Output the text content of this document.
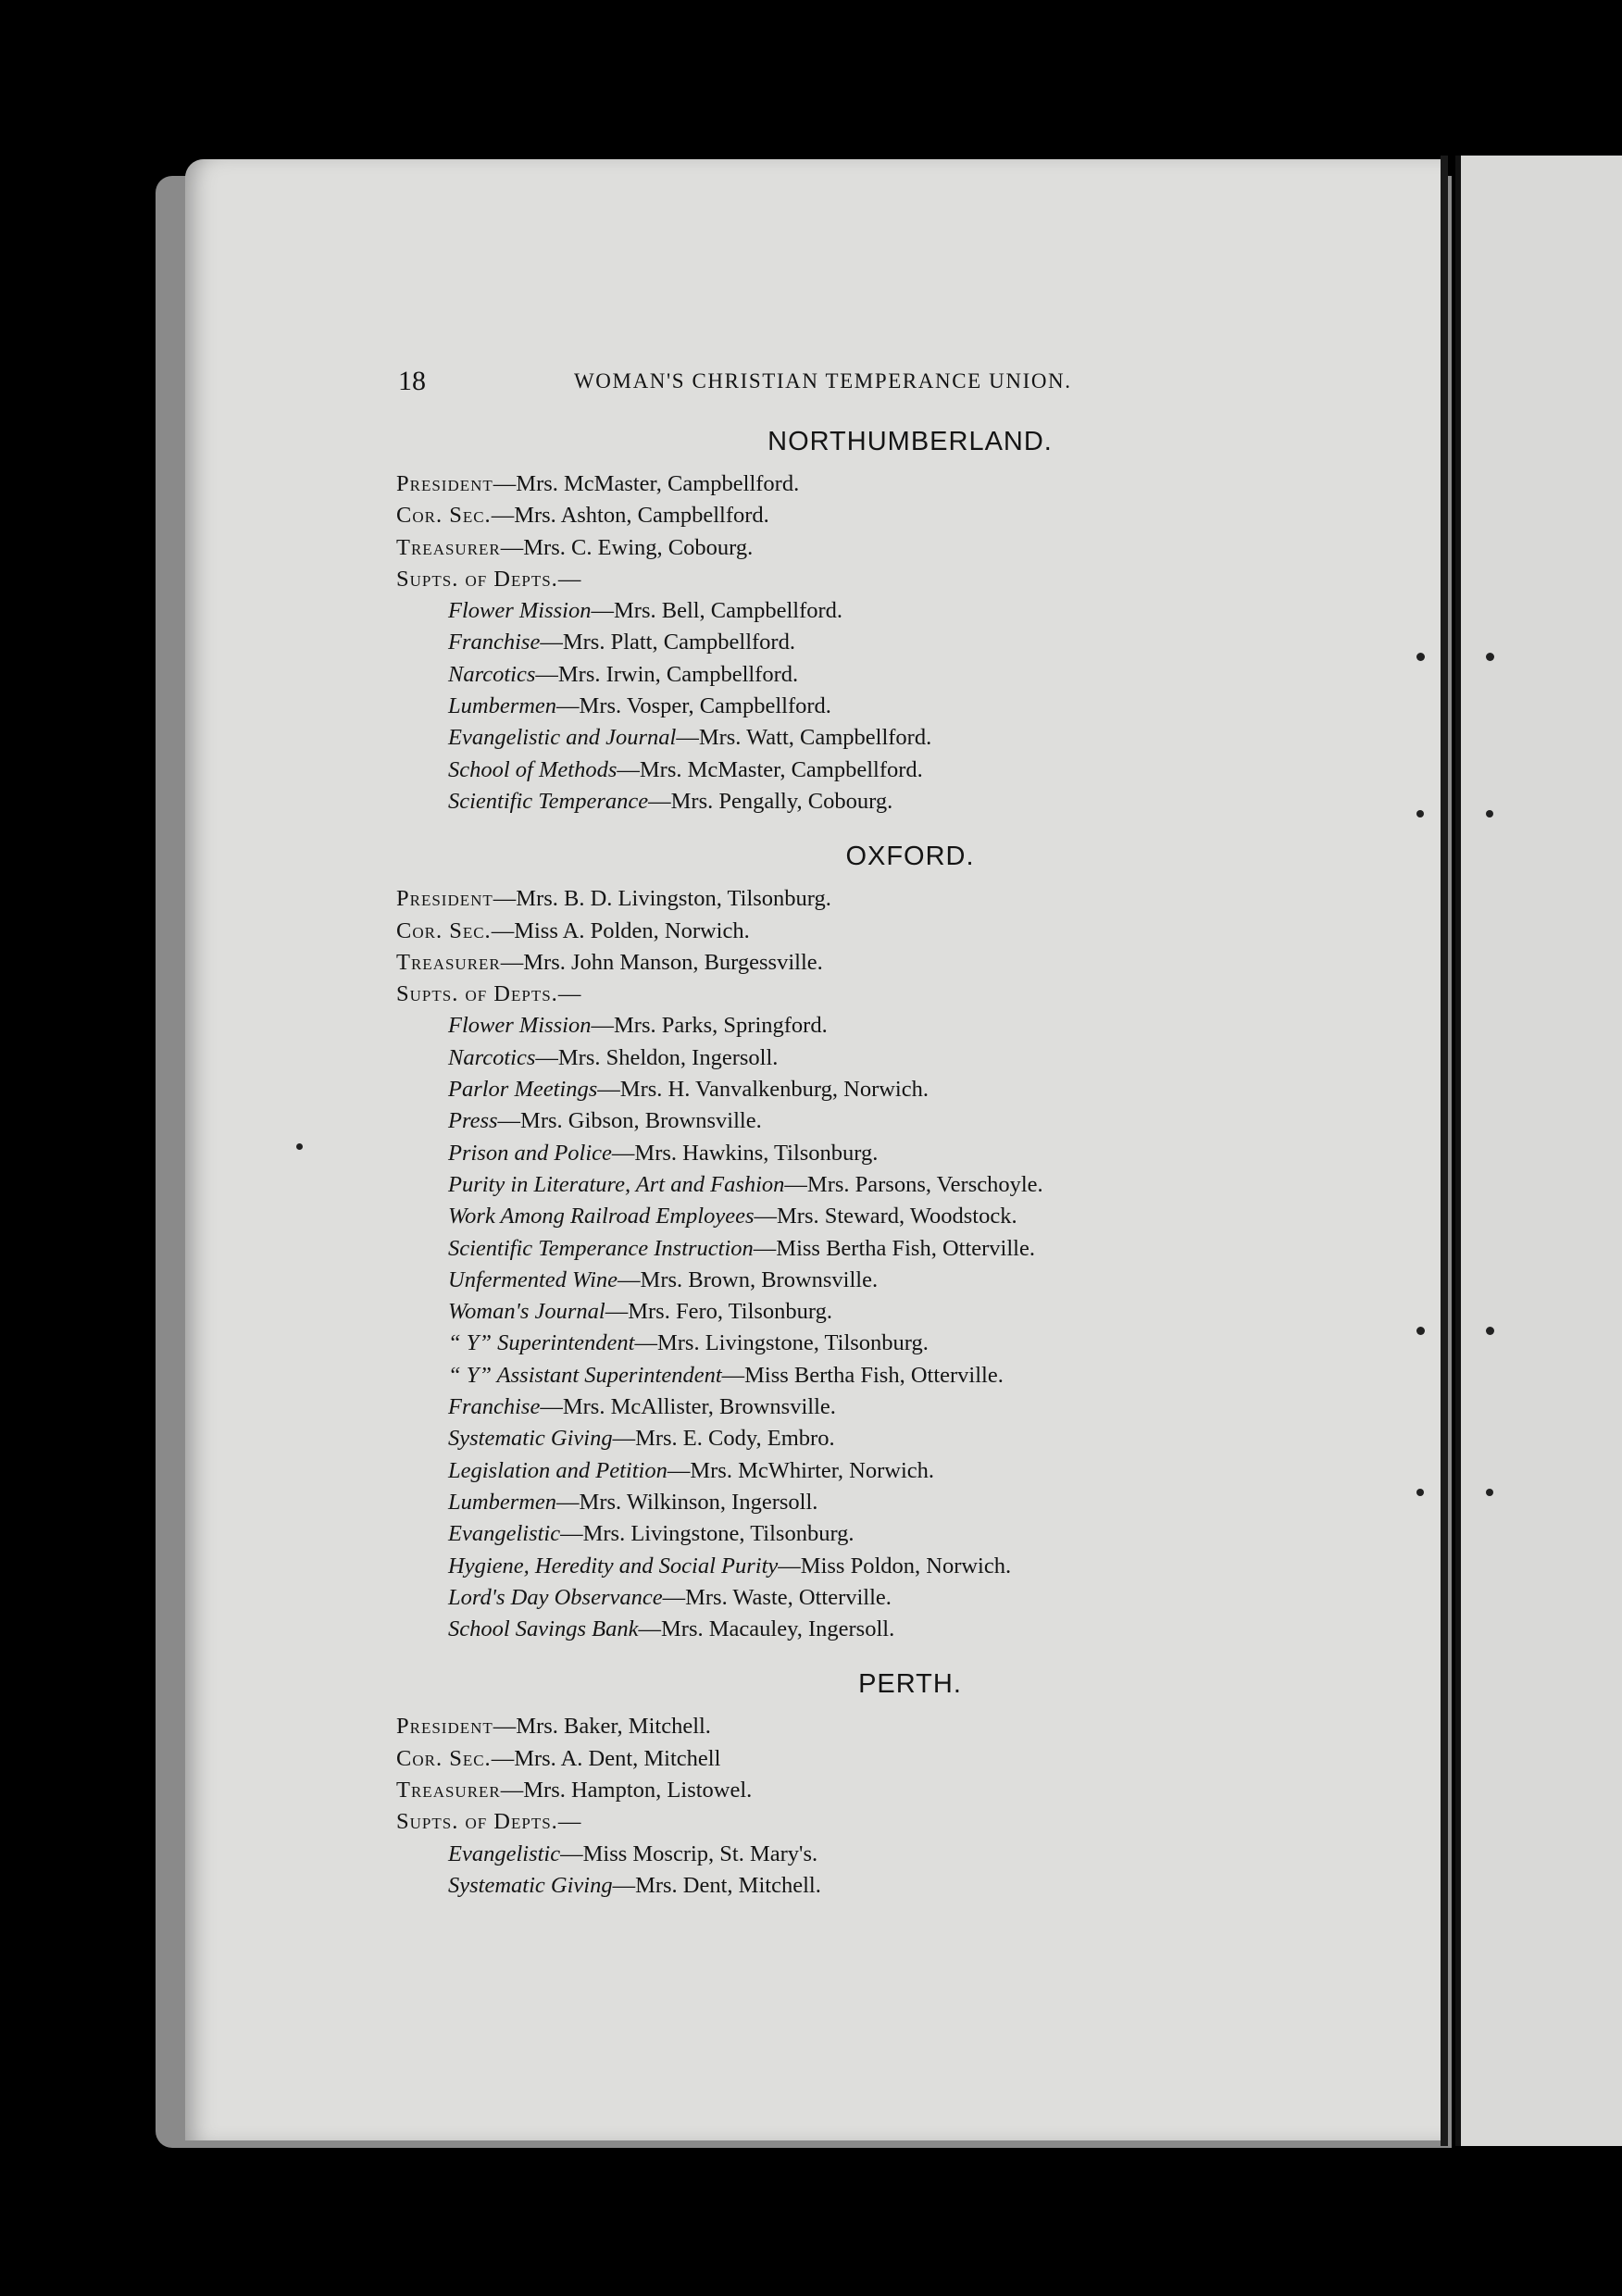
18	WOMAN'S CHRISTIAN TEMPERANCE UNION.
NORTHUMBERLAND.
President—Mrs. McMaster, Campbellford.
Cor. Sec.—Mrs. Ashton, Campbellford.
Treasurer—Mrs. C. Ewing, Cobourg.
Supts. of Depts.—
Flower Mission—Mrs. Bell, Campbellford.
Franchise—Mrs. Platt, Campbellford.
Narcotics—Mrs. Irwin, Campbellford.
Lumbermen—Mrs. Vosper, Campbellford.
Evangelistic and Journal—Mrs. Watt, Campbellford.
School of Methods—Mrs. McMaster, Campbellford.
Scientific Temperance—Mrs. Pengally, Cobourg.
OXFORD.
President—Mrs. B. D. Livingston, Tilsonburg.
Cor. Sec.—Miss A. Polden, Norwich.
Treasurer—Mrs. John Manson, Burgessville.
Supts. of Depts.—
Flower Mission—Mrs. Parks, Springford.
Narcotics—Mrs. Sheldon, Ingersoll.
Parlor Meetings—Mrs. H. Vanvalkenburg, Norwich.
Press—Mrs. Gibson, Brownsville.
Prison and Police—Mrs. Hawkins, Tilsonburg.
Purity in Literature, Art and Fashion—Mrs. Parsons, Verschoyle.
Work Among Railroad Employees—Mrs. Steward, Woodstock.
Scientific Temperance Instruction—Miss Bertha Fish, Otterville.
Unfermented Wine—Mrs. Brown, Brownsville.
Woman's Journal—Mrs. Fero, Tilsonburg.
“ Y” Superintendent—Mrs. Livingstone, Tilsonburg.
“ Y” Assistant Superintendent—Miss Bertha Fish, Otterville.
Franchise—Mrs. McAllister, Brownsville.
Systematic Giving—Mrs. E. Cody, Embro.
Legislation and Petition—Mrs. McWhirter, Norwich.
Lumbermen—Mrs. Wilkinson, Ingersoll.
Evangelistic—Mrs. Livingstone, Tilsonburg.
Hygiene, Heredity and Social Purity—Miss Poldon, Norwich.
Lord's Day Observance—Mrs. Waste, Otterville.
School Savings Bank—Mrs. Macauley, Ingersoll.
PERTH.
President—Mrs. Baker, Mitchell.
Cor. Sec.—Mrs. A. Dent, Mitchell
Treasurer—Mrs. Hampton, Listowel.
Supts. of Depts.—
Evangelistic—Miss Moscrip, St. Mary's.
Systematic Giving—Mrs. Dent, Mitchell.
